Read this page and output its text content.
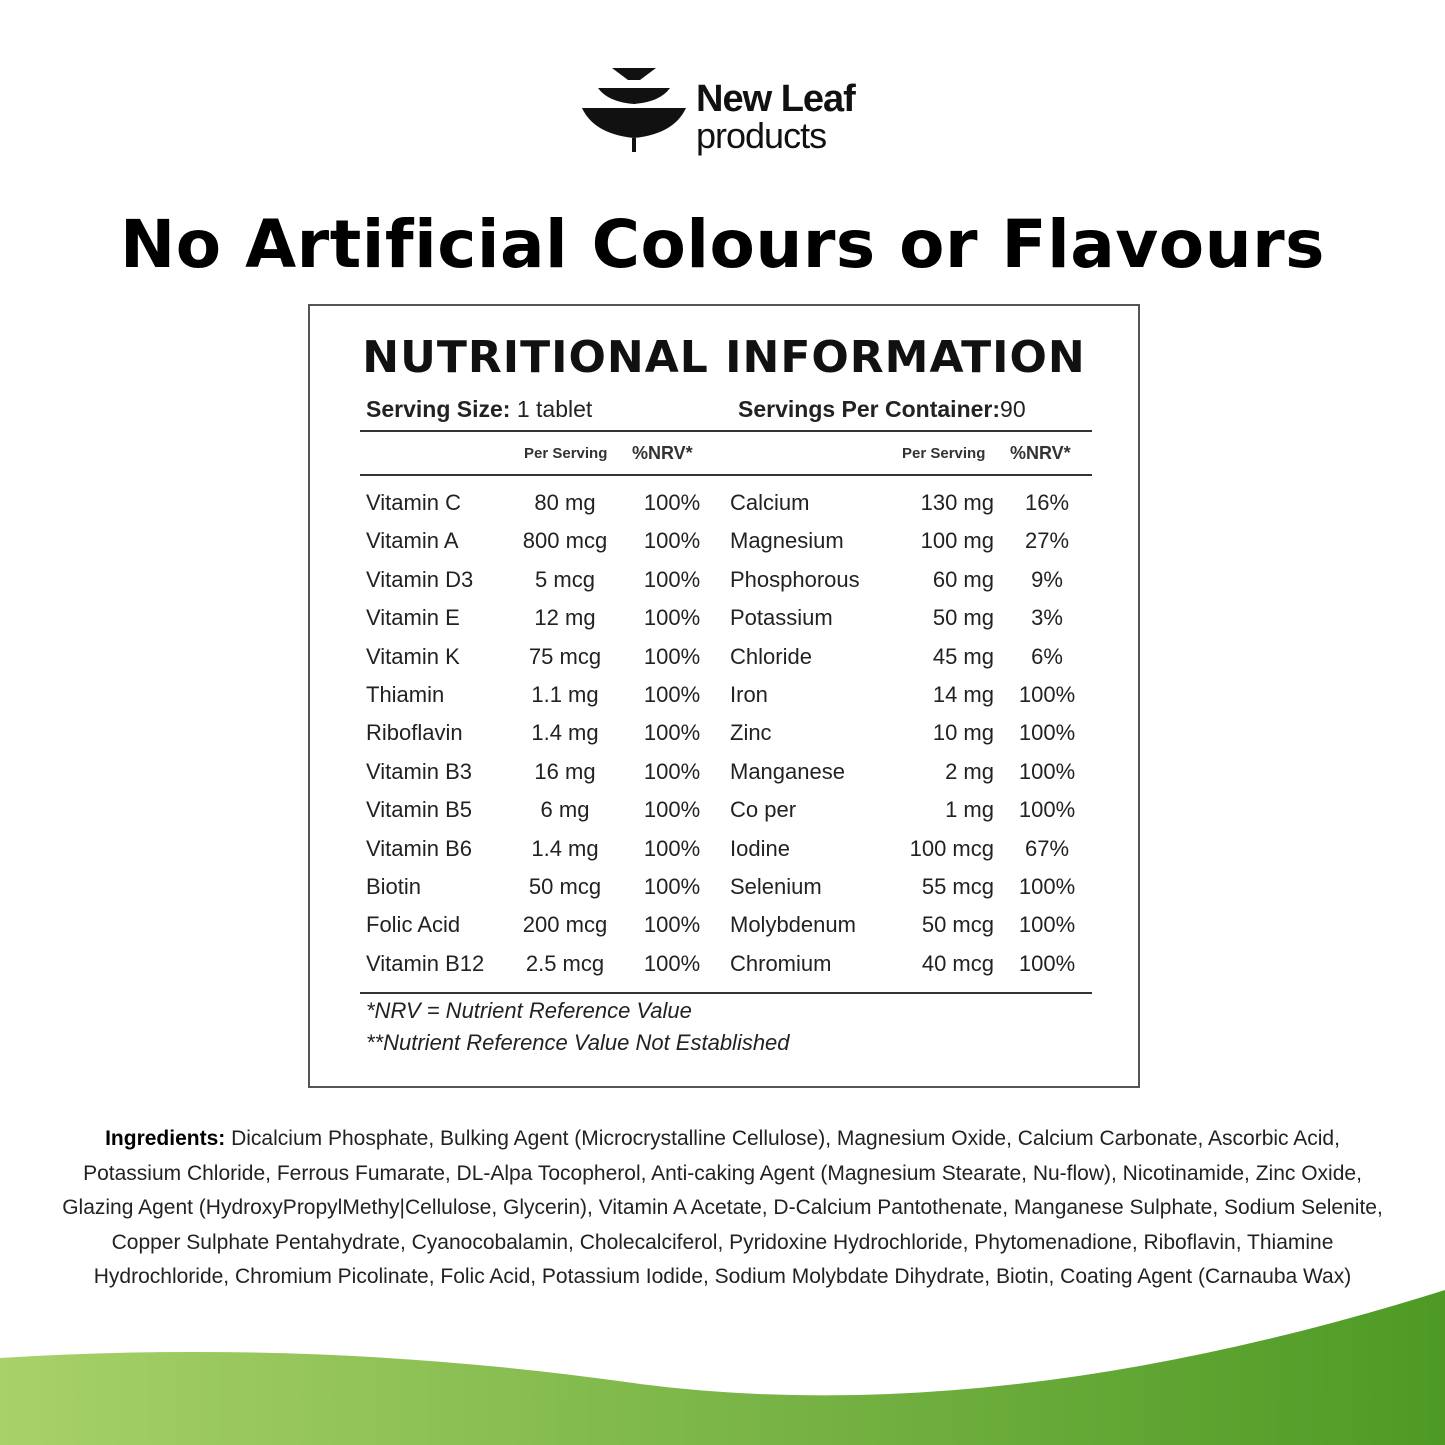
New Leaf
products
No Artificial Colours or Flavours
NUTRITIONAL INFORMATION
Serving Size: 1 tablet	Servings Per Container:90
Per Serving %NRV*	Per Serving %NRV*
Vitamin C	80 mg	100%	Calcium	130 mg	16%
Vitamin A	800 mcg	100%	Magnesium	100 mg	27%
Vitamin D3	5 mcg	100%	Phosphorous	60 mg	9%
Vitamin E	12 mg	100%	Potassium	50 mg	3%
Vitamin K	75 mcg	100%	Chloride	45 mg	6%
Thiamin	1.1 mg	100%	Iron	14 mg	100%
Riboflavin	1.4 mg	100%	Zinc	10 mg	100%
Vitamin B3	16 mg	100%	Manganese	2 mg	100%
Vitamin B5	6 mg	100%	Co per	1 mg	100%
Vitamin B6	1.4 mg	100%	Iodine	100 mcg	67%
Biotin	50 mcg	100%	Selenium	55 mcg	100%
Folic Acid	200 mcg	100%	Molybdenum	50 mcg	100%
Vitamin B12	2.5 mcg	100%	Chromium	40 mcg	100%
*NRV = Nutrient Reference Value
**Nutrient Reference Value Not Established
Ingredients: Dicalcium Phosphate, Bulking Agent (Microcrystalline Cellulose), Magnesium Oxide, Calcium Carbonate, Ascorbic Acid, Potassium Chloride, Ferrous Fumarate, DL-Alpa Tocopherol, Anti-caking Agent (Magnesium Stearate, Nu-flow), Nicotinamide, Zinc Oxide, Glazing Agent (HydroxyPropylMethy|Cellulose, Glycerin), Vitamin A Acetate, D-Calcium Pantothenate, Manganese Sulphate, Sodium Selenite, Copper Sulphate Pentahydrate, Cyanocobalamin, Cholecalciferol, Pyridoxine Hydrochloride, Phytomenadione, Riboflavin, Thiamine Hydrochloride, Chromium Picolinate, Folic Acid, Potassium Iodide, Sodium Molybdate Dihydrate, Biotin, Coating Agent (Carnauba Wax)
